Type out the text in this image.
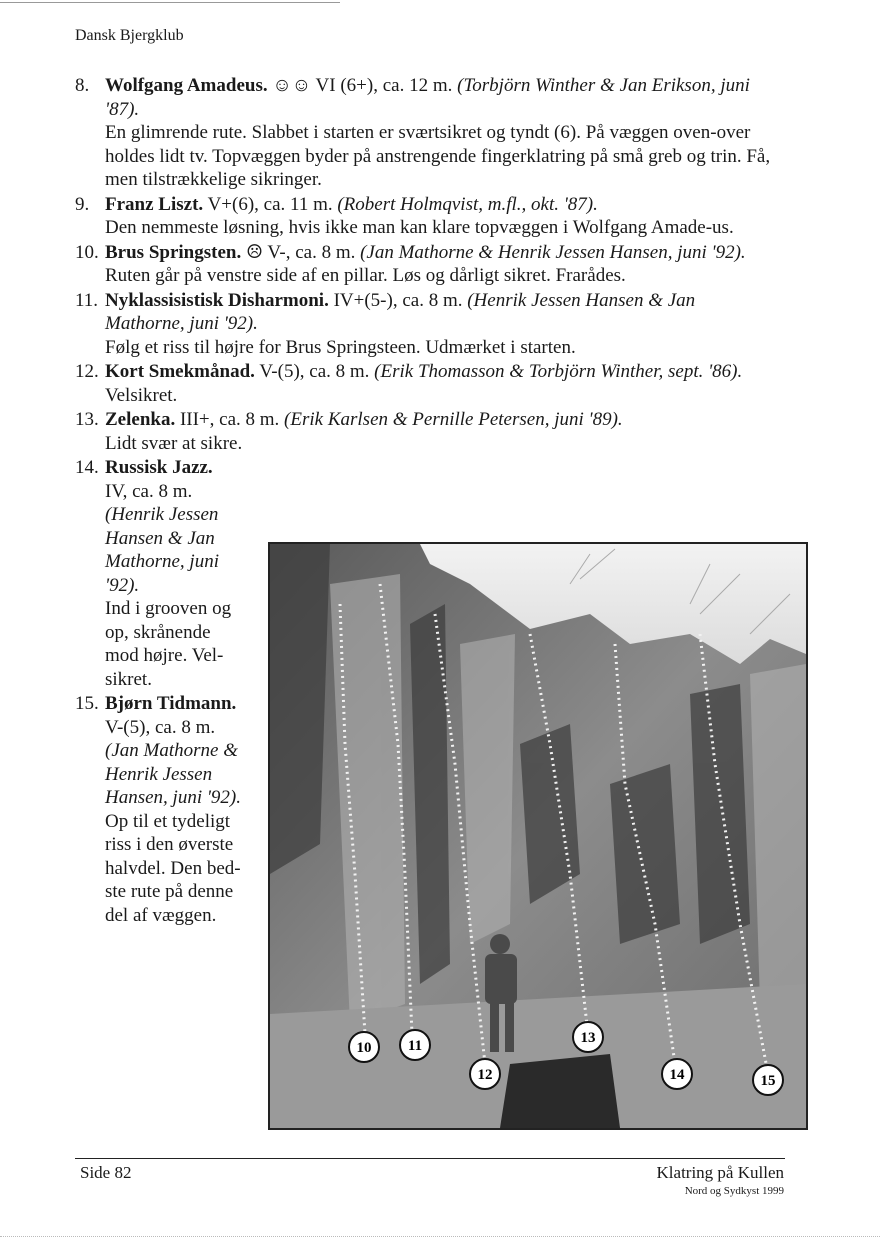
Dansk Bjergklub
8. Wolfgang Amadeus. ☺☺ VI (6+), ca. 12 m. (Torbjörn Winther & Jan Erikson, juni '87).
En glimrende rute. Slabbet i starten er sværtsikret og tyndt (6). På væggen oven-over holdes lidt tv. Topvæggen byder på anstrengende fingerklatring på små greb og trin. Få, men tilstrækkelige sikringer.
9. Franz Liszt. V+(6), ca. 11 m. (Robert Holmqvist, m.fl., okt. '87).
Den nemmeste løsning, hvis ikke man kan klare topvæggen i Wolfgang Amade-us.
10. Brus Springsten. ☹ V-, ca. 8 m. (Jan Mathorne & Henrik Jessen Hansen, juni '92).
Ruten går på venstre side af en pillar. Løs og dårligt sikret. Frarådes.
11. Nyklassisistisk Disharmoni. IV+(5-), ca. 8 m. (Henrik Jessen Hansen & Jan Mathorne, juni '92).
Følg et riss til højre for Brus Springsteen. Udmærket i starten.
12. Kort Smekmånad. V-(5), ca. 8 m. (Erik Thomasson & Torbjörn Winther, sept. '86).
Velsikret.
13. Zelenka. III+, ca. 8 m. (Erik Karlsen & Pernille Petersen, juni '89).
Lidt svær at sikre.
14. Russisk Jazz.
IV, ca. 8 m.
(Henrik Jessen Hansen & Jan Mathorne, juni '92).
Ind i grooven og op, skrånende mod højre. Vel-sikret.
15. Bjørn Tidmann.
V-(5), ca. 8 m.
(Jan Mathorne & Henrik Jessen Hansen, juni '92).
Op til et tydeligt riss i den øverste halvdel. Den bed-ste rute på denne del af væggen.
10 11
12
13
14	15
Side 82	Klatring på Kullen
Nord og Sydkyst 1999
